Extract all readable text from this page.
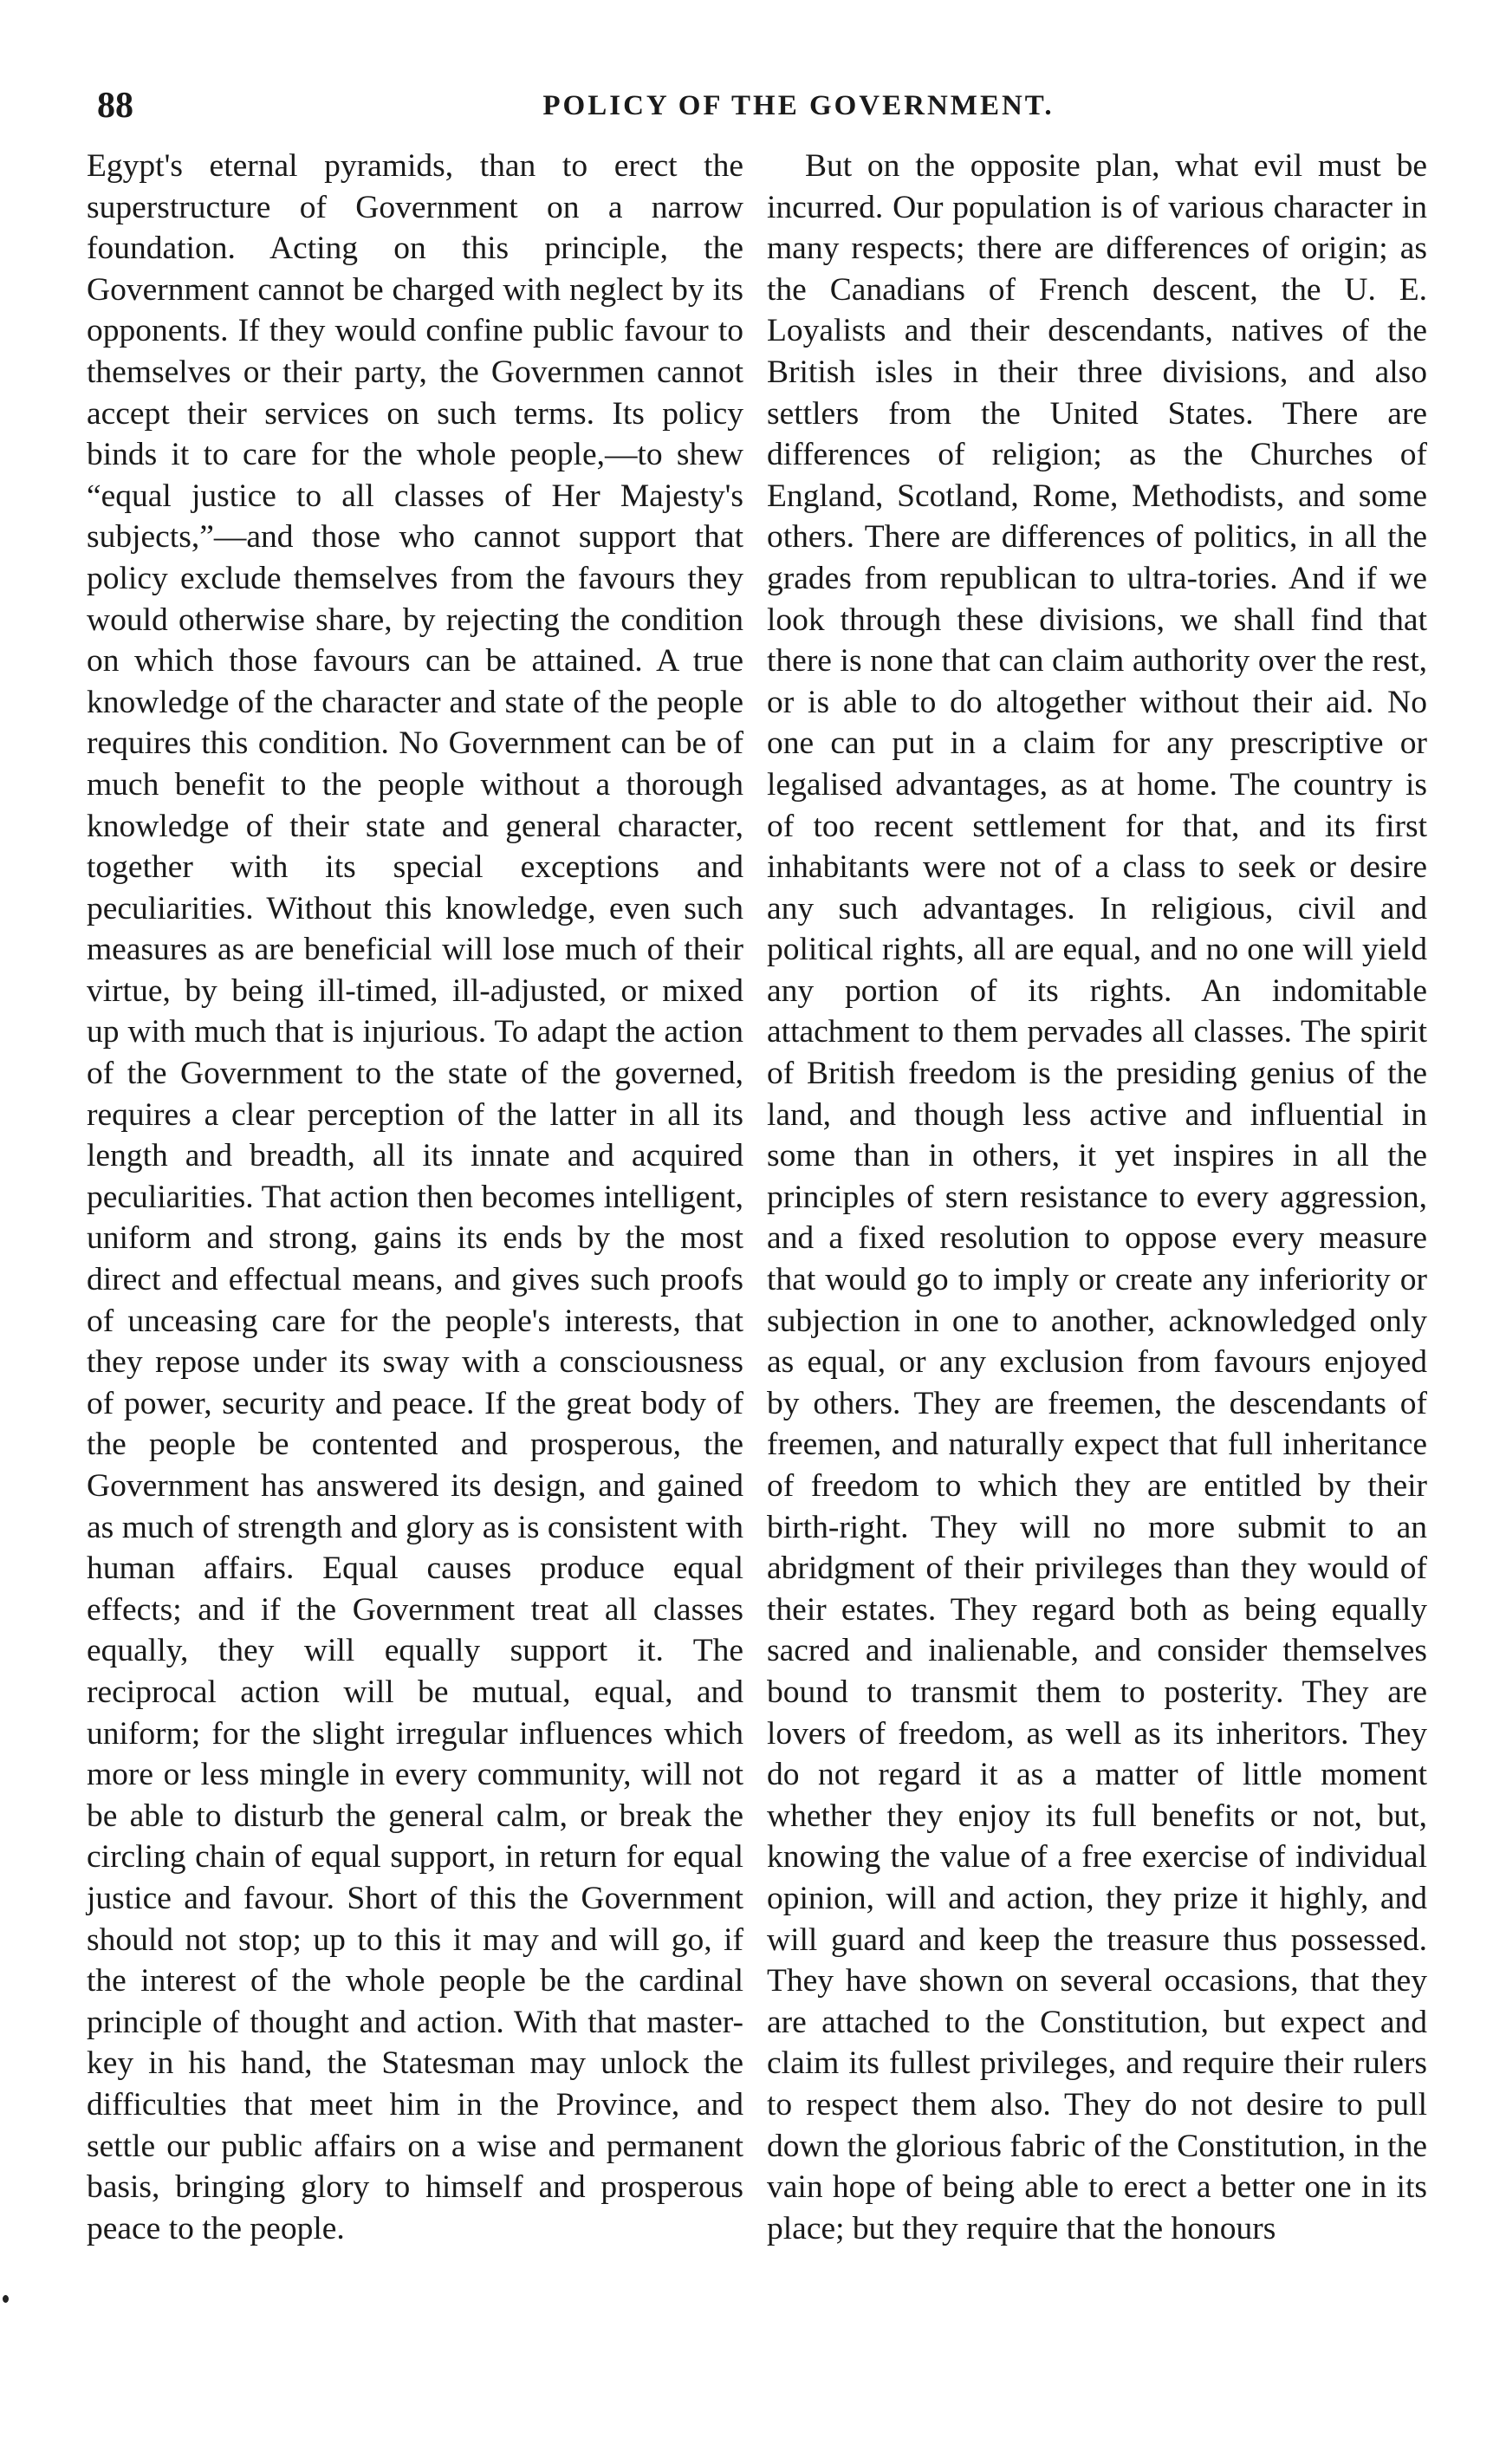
88	POLICY OF THE GOVERNMENT.

Egypt's eternal pyramids, than to erect the superstructure of Government on a narrow foundation. Acting on this principle, the Government cannot be charged with neglect by its opponents. If they would confine public favour to themselves or their party, the Governmen cannot accept their services on such terms. Its policy binds it to care for the whole people,—to shew “equal justice to all classes of Her Majesty's subjects,”—and those who cannot support that policy exclude themselves from the favours they would otherwise share, by rejecting the condition on which those favours can be attained. A true knowledge of the character and state of the people requires this condition. No Government can be of much benefit to the people without a thorough knowledge of their state and general character, together with its special exceptions and peculiarities. Without this knowledge, even such measures as are beneficial will lose much of their virtue, by being ill-timed, ill-adjusted, or mixed up with much that is injurious. To adapt the action of the Government to the state of the governed, requires a clear perception of the latter in all its length and breadth, all its innate and acquired peculiarities. That action then becomes intelligent, uniform and strong, gains its ends by the most direct and effectual means, and gives such proofs of unceasing care for the people's interests, that they repose under its sway with a consciousness of power, security and peace. If the great body of the people be contented and prosperous, the Government has answered its design, and gained as much of strength and glory as is consistent with human affairs. Equal causes produce equal effects; and if the Government treat all classes equally, they will equally support it. The reciprocal action will be mutual, equal, and uniform; for the slight irregular influences which more or less mingle in every community, will not be able to disturb the general calm, or break the circling chain of equal support, in return for equal justice and favour. Short of this the Government should not stop; up to this it may and will go, if the interest of the whole people be the cardinal principle of thought and action. With that master-key in his hand, the Statesman may unlock the difficulties that meet him in the Province, and settle our public affairs on a wise and permanent basis, bringing glory to himself and prosperous peace to the people.

But on the opposite plan, what evil must be incurred. Our population is of various character in many respects; there are differences of origin; as the Canadians of French descent, the U. E. Loyalists and their descendants, natives of the British isles in their three divisions, and also settlers from the United States. There are differences of religion; as the Churches of England, Scotland, Rome, Methodists, and some others. There are differences of politics, in all the grades from republican to ultra-tories. And if we look through these divisions, we shall find that there is none that can claim authority over the rest, or is able to do altogether without their aid. No one can put in a claim for any prescriptive or legalised advantages, as at home. The country is of too recent settlement for that, and its first inhabitants were not of a class to seek or desire any such advantages. In religious, civil and political rights, all are equal, and no one will yield any portion of its rights. An indomitable attachment to them pervades all classes. The spirit of British freedom is the presiding genius of the land, and though less active and influential in some than in others, it yet inspires in all the principles of stern resistance to every aggression, and a fixed resolution to oppose every measure that would go to imply or create any inferiority or subjection in one to another, acknowledged only as equal, or any exclusion from favours enjoyed by others. They are freemen, the descendants of freemen, and naturally expect that full inheritance of freedom to which they are entitled by their birth-right. They will no more submit to an abridgment of their privileges than they would of their estates. They regard both as being equally sacred and inalienable, and consider themselves bound to transmit them to posterity. They are lovers of freedom, as well as its inheritors. They do not regard it as a matter of little moment whether they enjoy its full benefits or not, but, knowing the value of a free exercise of individual opinion, will and action, they prize it highly, and will guard and keep the treasure thus possessed. They have shown on several occasions, that they are attached to the Constitution, but expect and claim its fullest privileges, and require their rulers to respect them also. They do not desire to pull down the glorious fabric of the Constitution, in the vain hope of being able to erect a better one in its place; but they require that the honours
